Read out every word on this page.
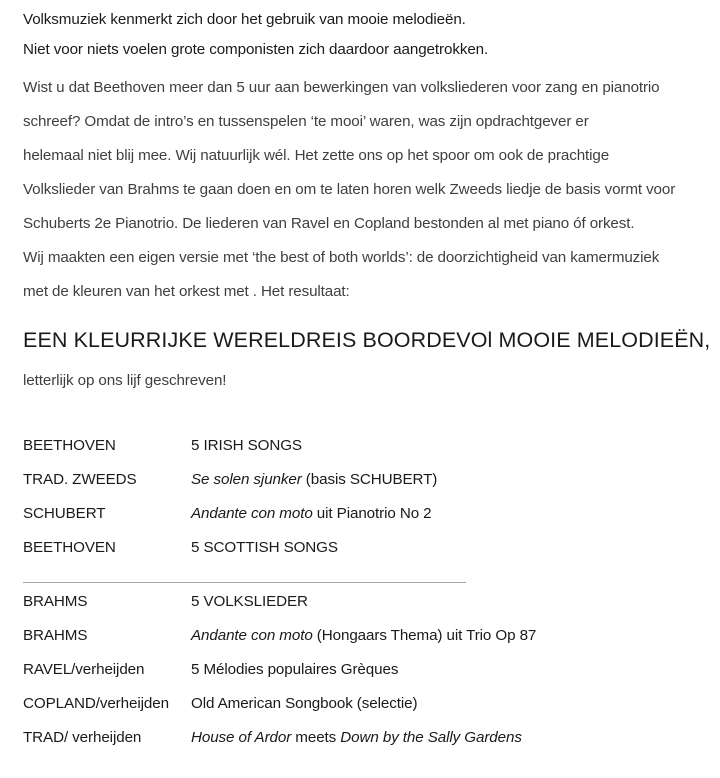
Volksmuziek kenmerkt zich door het gebruik van mooie melodieën.
Niet voor niets voelen grote componisten zich daardoor aangetrokken.
Wist u dat Beethoven meer dan 5 uur aan bewerkingen van volksliederen voor zang en pianotrio
schreef? Omdat de intro’s en tussenspelen ‘te mooi’ waren, was zijn opdrachtgever er
helemaal niet blij mee. Wij natuurlijk wél. Het zette ons op het spoor om ook de prachtige
Volkslieder van Brahms te gaan doen en om te laten horen welk Zweeds liedje de basis vormt voor
Schuberts 2e Pianotrio. De liederen van Ravel en Copland bestonden al met piano óf orkest.
Wij maakten een eigen versie met ‘the best of both worlds’: de doorzichtigheid van kamermuziek
met de kleuren van het orkest met . Het resultaat:
EEN KLEURRIJKE WERELDREIS BOORDEVOl MOOIE MELODIEËN,
letterlijk op ons lijf geschreven!
BEETHOVEN	5 IRISH SONGS
TRAD. ZWEEDS	Se solen sjunker (basis SCHUBERT)
SCHUBERT	Andante con moto uit Pianotrio No 2
BEETHOVEN	5 SCOTTISH SONGS
BRAHMS	5 VOLKSLIEDER
BRAHMS	Andante con moto (Hongaars Thema) uit Trio Op 87
RAVEL/verheijden	5 Mélodies populaires Grèques
COPLAND/verheijden	Old American Songbook (selectie)
TRAD/ verheijden	House of Ardor meets Down by the Sally Gardens
